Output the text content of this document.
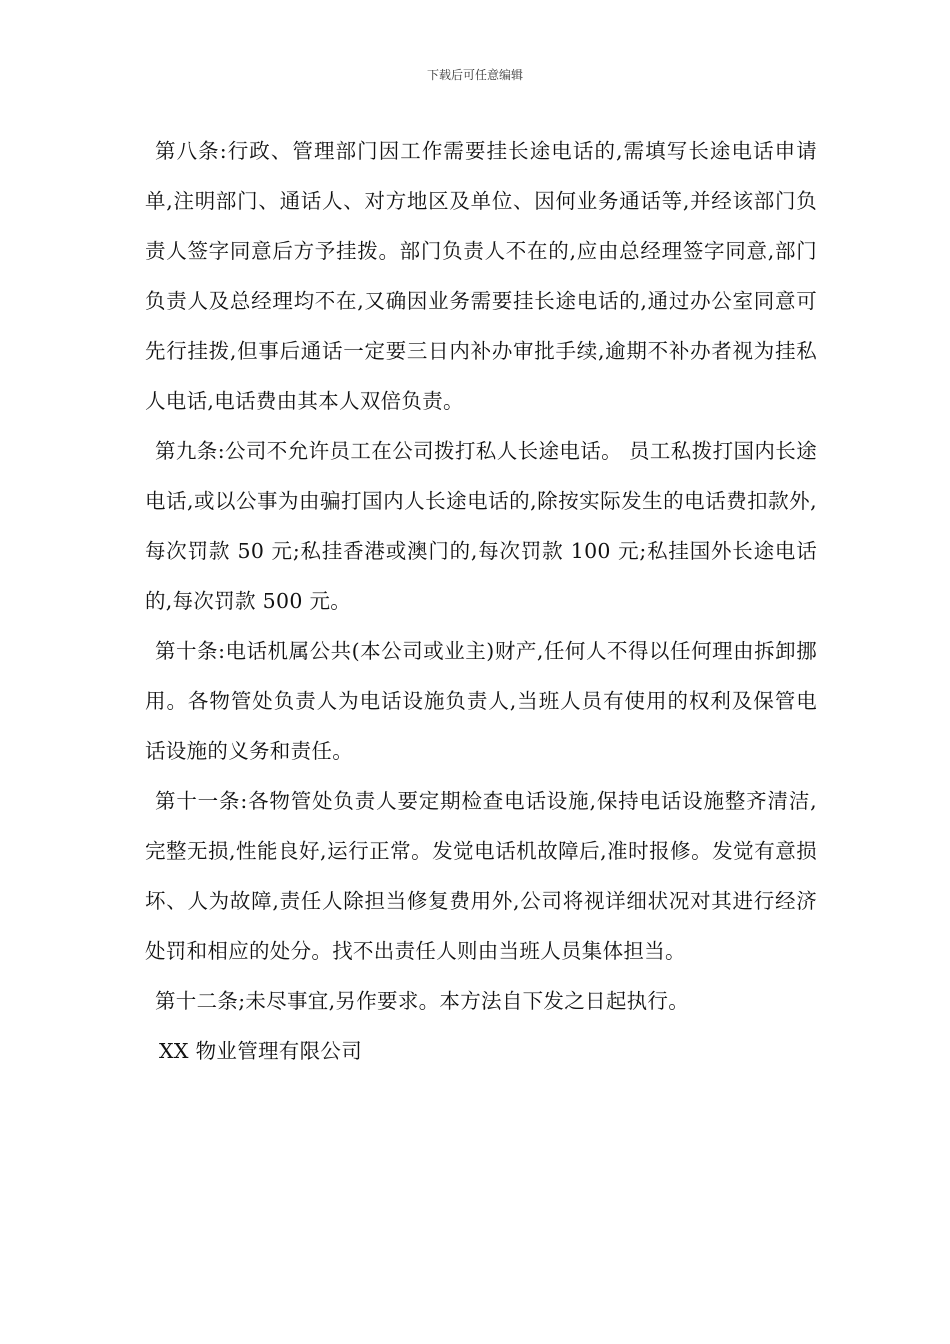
下载后可任意编辑

第八条:行政、管理部门因工作需要挂长途电话的,需填写长途电话申请单,注明部门、通话人、对方地区及单位、因何业务通话等,并经该部门负责人签字同意后方予挂拨。部门负责人不在的,应由总经理签字同意,部门负责人及总经理均不在,又确因业务需要挂长途电话的,通过办公室同意可先行挂拨,但事后通话一定要三日内补办审批手续,逾期不补办者视为挂私人电话,电话费由其本人双倍负责。

第九条:公司不允许员工在公司拨打私人长途电话。 员工私拨打国内长途电话,或以公事为由骗打国内人长途电话的,除按实际发生的电话费扣款外,每次罚款 50 元;私挂香港或澳门的,每次罚款 100 元;私挂国外长途电话的,每次罚款 500 元。

第十条:电话机属公共(本公司或业主)财产,任何人不得以任何理由拆卸挪用。各物管处负责人为电话设施负责人,当班人员有使用的权利及保管电话设施的义务和责任。

第十一条:各物管处负责人要定期检查电话设施,保持电话设施整齐清洁,完整无损,性能良好,运行正常。发觉电话机故障后,准时报修。发觉有意损坏、人为故障,责任人除担当修复费用外,公司将视详细状况对其进行经济处罚和相应的处分。找不出责任人则由当班人员集体担当。

第十二条;未尽事宜,另作要求。本方法自下发之日起执行。

XX 物业管理有限公司
